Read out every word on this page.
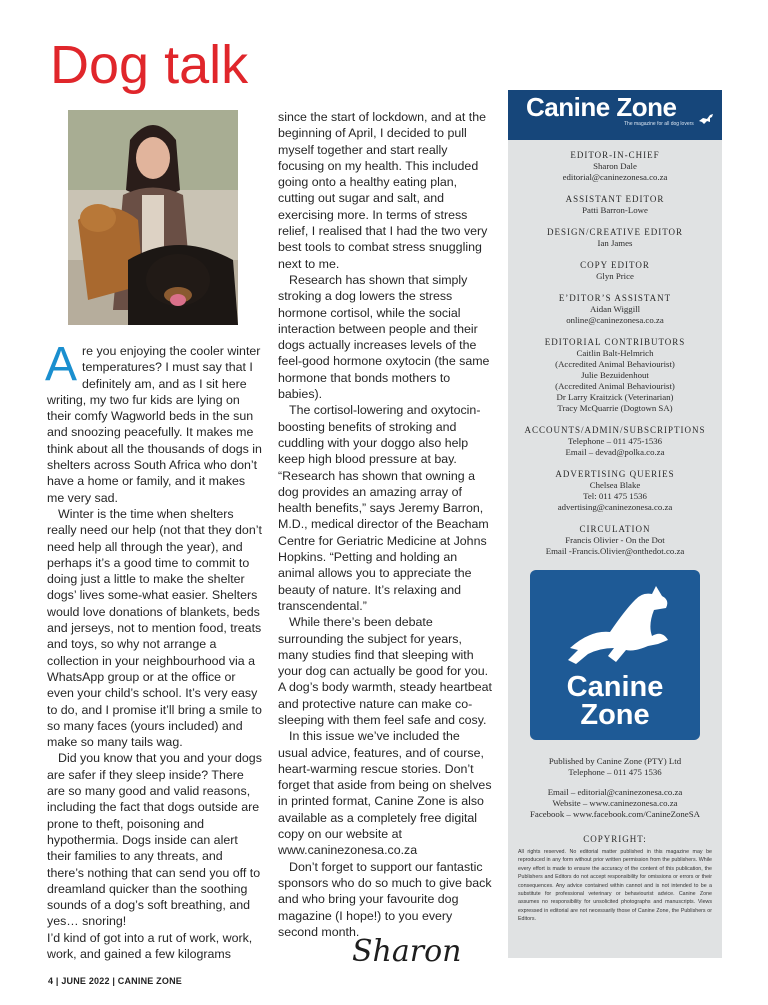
Dog talk

Are you enjoying the cooler winter temperatures? I must say that I definitely am, and as I sit here writing, my two fur kids are lying on their comfy Wagworld beds in the sun and snoozing peacefully. It makes me think about all the thousands of dogs in shelters across South Africa who don’t have a home or family, and it makes me very sad.

Winter is the time when shelters really need our help (not that they don’t need help all through the year), and perhaps it’s a good time to commit to doing just a little to make the shelter dogs’ lives some-what easier. Shelters would love donations of blankets, beds and jerseys, not to mention food, treats and toys, so why not arrange a collection in your neighbourhood via a WhatsApp group or at the office or even your child’s school. It’s very easy to do, and I promise it’ll bring a smile to so many faces (yours included) and make so many tails wag.

Did you know that you and your dogs are safer if they sleep inside? There are so many good and valid reasons, including the fact that dogs outside are prone to theft, poisoning and hypothermia. Dogs inside can alert their families to any threats, and there’s nothing that can send you off to dreamland quicker than the soothing sounds of a dog’s soft breathing, and yes… snoring!

I’d kind of got into a rut of work, work, work, and gained a few kilograms

since the start of lockdown, and at the beginning of April, I decided to pull myself together and start really focusing on my health. This included going onto a healthy eating plan, cutting out sugar and salt, and exercising more. In terms of stress relief, I realised that I had the two very best tools to combat stress snuggling next to me.

Research has shown that simply stroking a dog lowers the stress hormone cortisol, while the social interaction between people and their dogs actually increases levels of the feel-good hormone oxytocin (the same hormone that bonds mothers to babies).

The cortisol-lowering and oxytocin-boosting benefits of stroking and cuddling with your doggo also help keep high blood pressure at bay. “Research has shown that owning a dog provides an amazing array of health benefits,” says Jeremy Barron, M.D., medical director of the Beacham Centre for Geriatric Medicine at Johns Hopkins. “Petting and holding an animal allows you to appreciate the beauty of nature. It’s relaxing and transcendental.”

While there’s been debate surrounding the subject for years, many studies find that sleeping with your dog can actually be good for you. A dog’s body warmth, steady heartbeat and protective nature can make co-sleeping with them feel safe and cosy.

In this issue we’ve included the usual advice, features, and of course, heart-warming rescue stories. Don’t forget that aside from being on shelves in printed format, Canine Zone is also available as a completely free digital copy on our website at www.caninezonesa.co.za

Don’t forget to support our fantastic sponsors who do so much to give back and who bring your favourite dog magazine (I hope!) to you every second month.

Sharon
4 | JUNE 2022 | CANINE ZONE
Canine Zone
The magazine for all dog lovers
EDITOR-IN-CHIEF
Sharon Dale
editorial@caninezonesa.co.za
ASSISTANT EDITOR
Patti Barron-Lowe
DESIGN/CREATIVE EDITOR
Ian James
COPY EDITOR
Glyn Price
E’DITOR’S ASSISTANT
Aidan Wiggill
online@caninezonesa.co.za
EDITORIAL CONTRIBUTORS
Caitlin Balt-Helmrich
(Accredited Animal Behaviourist)
Julie Bezuidenhout
(Accredited Animal Behaviourist)
Dr Larry Kraitzick (Veterinarian)
Tracy McQuarrie (Dogtown SA)
ACCOUNTS/ADMIN/SUBSCRIPTIONS
Telephone – 011 475-1536
Email – devad@polka.co.za
ADVERTISING QUERIES
Chelsea Blake
Tel: 011 475 1536
advertising@caninezonesa.co.za
CIRCULATION
Francis Olivier - On the Dot
Email -Francis.Olivier@onthedot.co.za
Canine
Zone
Published by Canine Zone (PTY) Ltd
Telephone – 011 475 1536
Email – editorial@caninezonesa.co.za
Website – www.caninezonesa.co.za
Facebook – www.facebook.com/CanineZoneSA
COPYRIGHT:
All rights reserved. No editorial matter published in this magazine may be reproduced in any form without prior written permission from the publishers. While every effort is made to ensure the accuracy of the content of this publication, the Publishers and Editors do not accept responsibility for omissions or errors or their consequences. Any advice contained within cannot and is not intended to be a substitute for professional veterinary or behaviourist advice. Canine Zone assumes no responsibility for unsolicited photographs and manuscripts. Views expressed in editorial are not necessarily those of Canine Zone, the Publishers or Editors.
